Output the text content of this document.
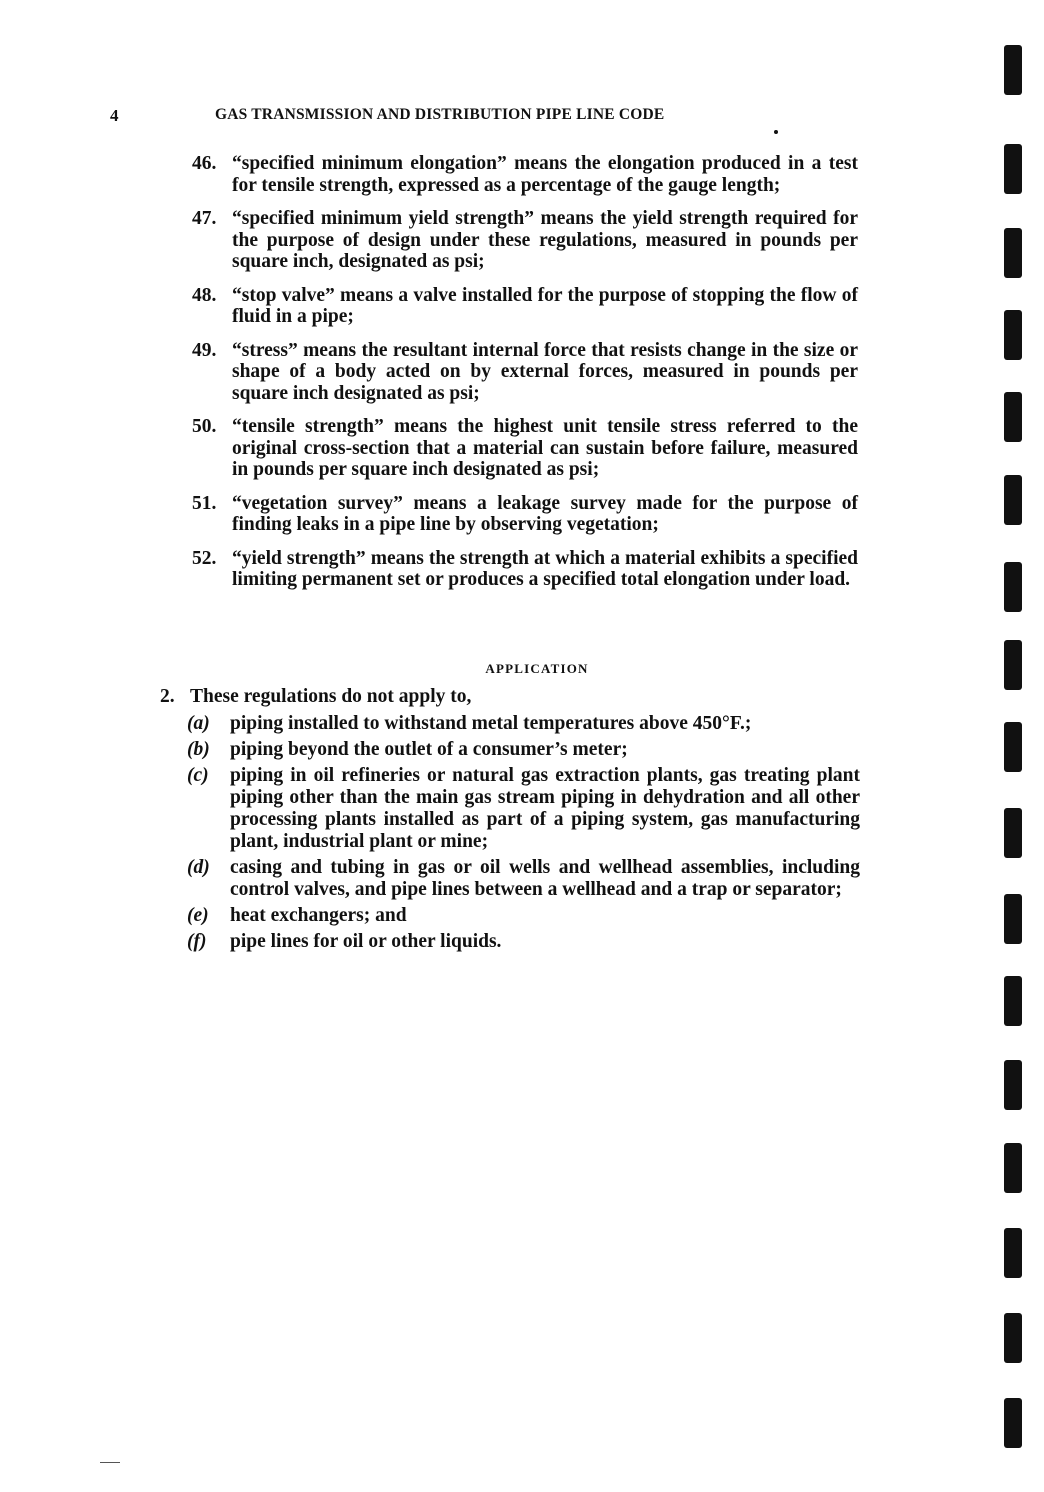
4	GAS TRANSMISSION AND DISTRIBUTION PIPE LINE CODE
46. “specified minimum elongation” means the elongation produced in a test for tensile strength, expressed as a percentage of the gauge length;
47. “specified minimum yield strength” means the yield strength required for the purpose of design under these regulations, measured in pounds per square inch, designated as psi;
48. “stop valve” means a valve installed for the purpose of stopping the flow of fluid in a pipe;
49. “stress” means the resultant internal force that resists change in the size or shape of a body acted on by external forces, measured in pounds per square inch designated as psi;
50. “tensile strength” means the highest unit tensile stress referred to the original cross-section that a material can sustain before failure, measured in pounds per square inch designated as psi;
51. “vegetation survey” means a leakage survey made for the purpose of finding leaks in a pipe line by observing vegetation;
52. “yield strength” means the strength at which a material exhibits a specified limiting permanent set or produces a specified total elongation under load.
APPLICATION
2. These regulations do not apply to,
(a)	piping installed to withstand metal temperatures above 450°F.;
(b)	piping beyond the outlet of a consumer’s meter;
(c)	piping in oil refineries or natural gas extraction plants, gas treating plant piping other than the main gas stream piping in dehydration and all other processing plants installed as part of a piping system, gas manufacturing plant, industrial plant or mine;
(d)	casing and tubing in gas or oil wells and wellhead assemblies, including control valves, and pipe lines between a wellhead and a trap or separator;
(e)	heat exchangers; and
(f)	pipe lines for oil or other liquids.
